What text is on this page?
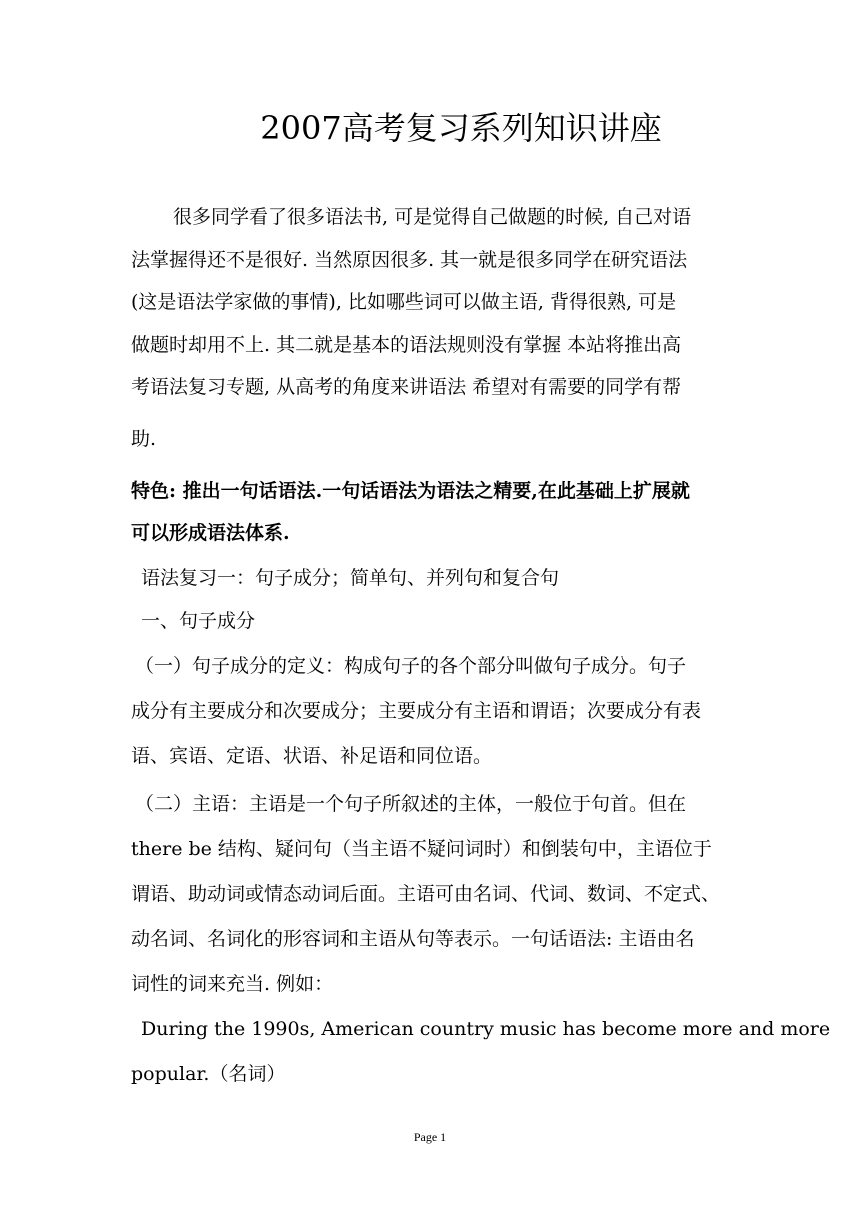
2007高考复习系列知识讲座
很多同学看了很多语法书, 可是觉得自己做题的时候, 自己对语
法掌握得还不是很好. 当然原因很多. 其一就是很多同学在研究语法
(这是语法学家做的事情), 比如哪些词可以做主语, 背得很熟, 可是
做题时却用不上. 其二就是基本的语法规则没有掌握 本站将推出高
考语法复习专题, 从高考的角度来讲语法 希望对有需要的同学有帮
助.
特色: 推出一句话语法.一句话语法为语法之精要,在此基础上扩展就
可以形成语法体系.
语法复习一：句子成分；简单句、并列句和复合句
一、句子成分
（一）句子成分的定义：构成句子的各个部分叫做句子成分。句子
成分有主要成分和次要成分；主要成分有主语和谓语；次要成分有表
语、宾语、定语、状语、补足语和同位语。
（二）主语：主语是一个句子所叙述的主体，一般位于句首。但在
there be 结构、疑问句（当主语不疑问词时）和倒装句中，主语位于
谓语、助动词或情态动词后面。主语可由名词、代词、数词、不定式、
动名词、名词化的形容词和主语从句等表示。一句话语法: 主语由名
词性的词来充当. 例如：
During the 1990s, American country music has become more and more
popular.（名词）
Page 1
